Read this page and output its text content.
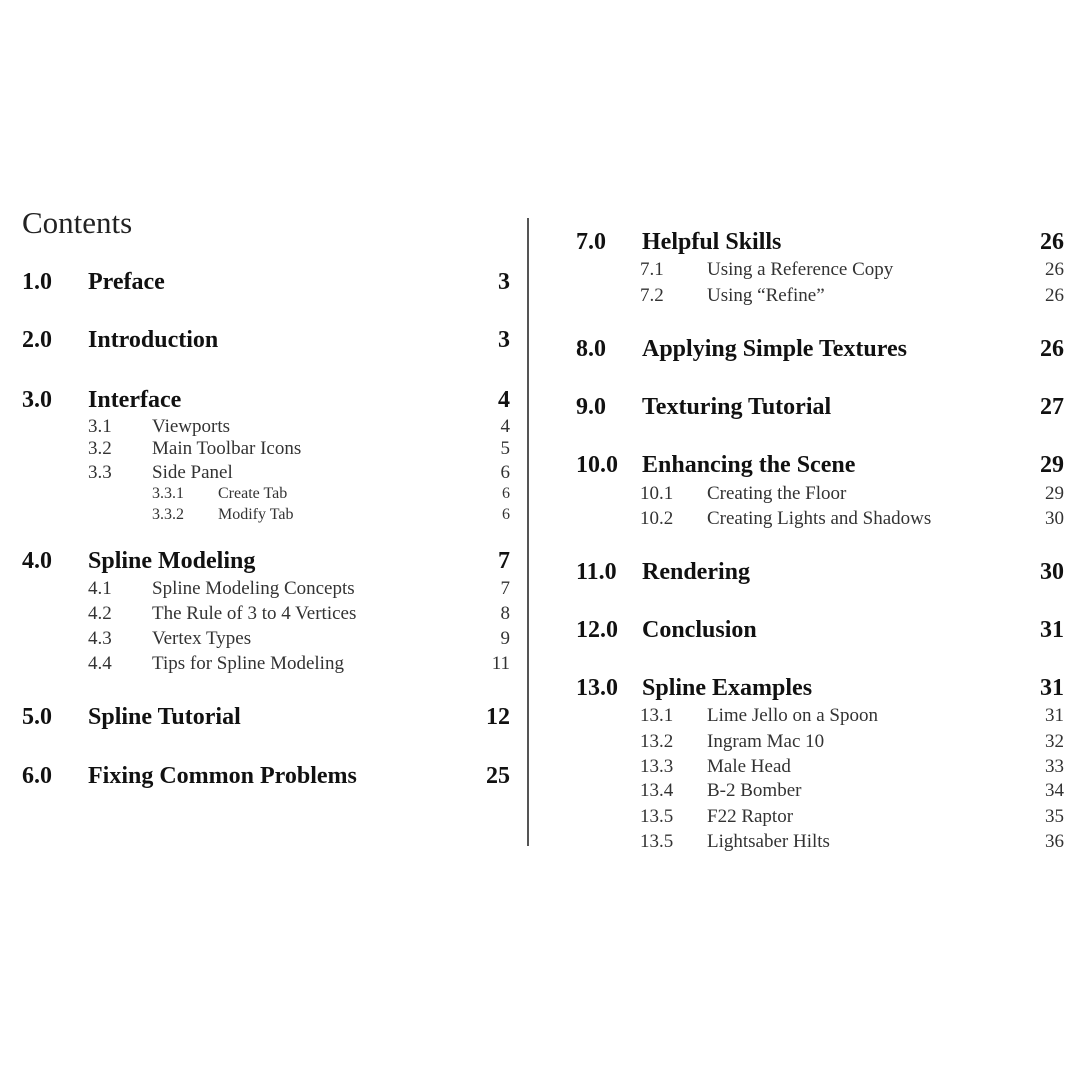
Contents
1.0 Preface	3
2.0 Introduction	3
3.0 Interface	4
3.1 Viewports	4
3.2 Main Toolbar Icons	5
3.3 Side Panel	6
3.3.1 Create Tab	6
3.3.2 Modify Tab	6
4.0 Spline Modeling	7
4.1 Spline Modeling Concepts	7
4.2 The Rule of 3 to 4 Vertices	8
4.3 Vertex Types	9
4.4 Tips for Spline Modeling	11
5.0 Spline Tutorial	12
6.0 Fixing Common Problems	25
7.0 Helpful Skills	26
7.1 Using a Reference Copy	26
7.2 Using “Refine”	26
8.0 Applying Simple Textures	26
9.0 Texturing Tutorial	27
10.0 Enhancing the Scene	29
10.1 Creating the Floor	29
10.2 Creating Lights and Shadows	30
11.0 Rendering	30
12.0 Conclusion	31
13.0 Spline Examples	31
13.1 Lime Jello on a Spoon	31
13.2 Ingram Mac 10	32
13.3 Male Head	33
13.4 B-2 Bomber	34
13.5 F22 Raptor	35
13.5 Lightsaber Hilts	36
